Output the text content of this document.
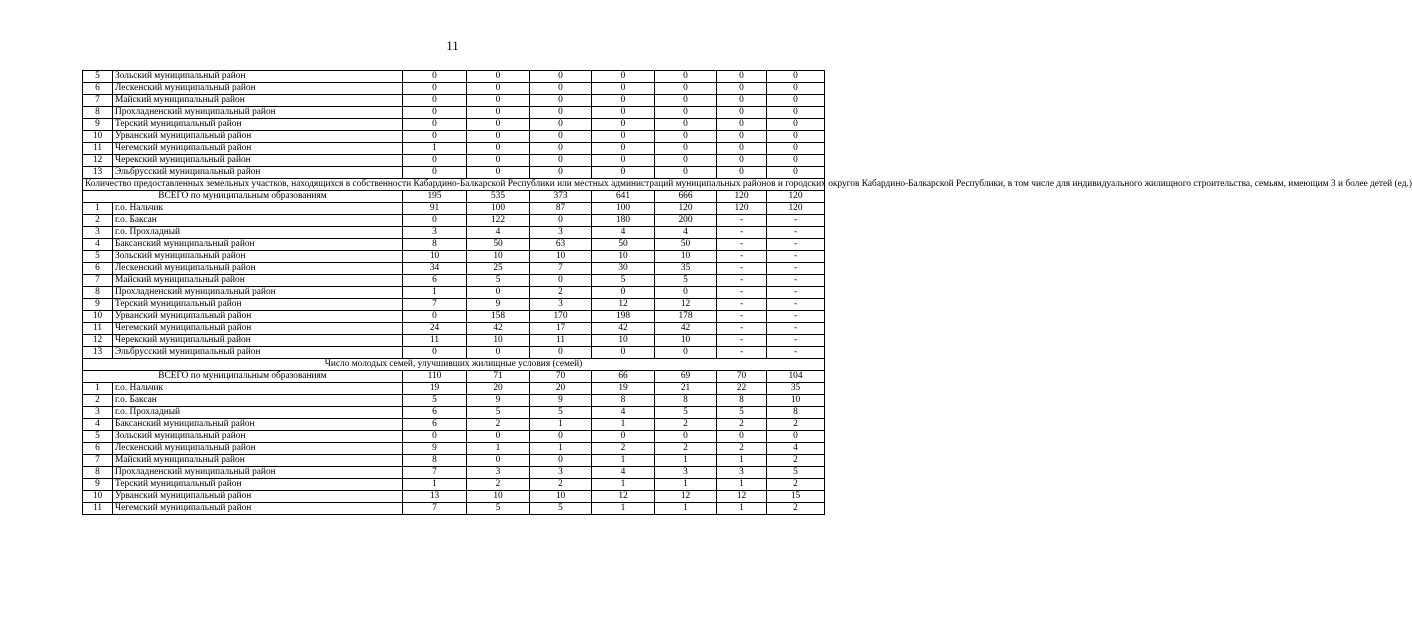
11
5	Зольский муниципальный район	0	0	0	0	0	0	0
6	Лескенский муниципальный район	0	0	0	0	0	0	0
7	Майский муниципальный район	0	0	0	0	0	0	0
8	Прохладненский муниципальный район	0	0	0	0	0	0	0
9	Терский муниципальный район	0	0	0	0	0	0	0
10	Урванский муниципальный район	0	0	0	0	0	0	0
11	Чегемский муниципальный район	1	0	0	0	0	0	0
12	Черекский муниципальный район	0	0	0	0	0	0	0
13	Эльбрусский муниципальный район	0	0	0	0	0	0	0
Количество предоставленных земельных участков, находящихся в собственности Кабардино-Балкарской Республики или местных администраций муниципальных районов и городских округов Кабардино-Балкарской Республики, в том числе для индивидуального жилищного строительства, семьям, имеющим 3 и более детей (ед.)								
ВСЕГО по муниципальным образованиям		195	535	373	641	666	120	120
1	г.о. Нальчик	91	100	87	100	120	120	120
2	г.о. Баксан	0	122	0	180	200	-	-
3	г.о. Прохладный	3	4	3	4	4	-	-
4	Баксанский муниципальный район	8	50	63	50	50	-	-
5	Зольский муниципальный район	10	10	10	10	10	-	-
6	Лескенский муниципальный район	34	25	7	30	35	-	-
7	Майский муниципальный район	6	5	0	5	5	-	-
8	Прохладненский муниципальный район	1	0	2	0	0	-	-
9	Терский муниципальный район	7	9	3	12	12	-	-
10	Урванский муниципальный район	0	158	170	198	178	-	-
11	Чегемский муниципальный район	24	42	17	42	42	-	-
12	Черекский муниципальный район	11	10	11	10	10	-	-
13	Эльбрусский муниципальный район	0	0	0	0	0	-	-
Число молодых семей, улучшивших жилищные условия (семей)								
ВСЕГО по муниципальным образованиям		110	71	70	66	69	70	104
1	г.о. Нальчик	19	20	20	19	21	22	35
2	г.о. Баксан	5	9	9	8	8	8	10
3	г.о. Прохладный	6	5	5	4	5	5	8
4	Баксанский муниципальный район	6	2	1	1	2	2	2
5	Зольский муниципальный район	0	0	0	0	0	0	0
6	Лескенский муниципальный район	9	1	1	2	2	2	4
7	Майский муниципальный район	8	0	0	1	1	1	2
8	Прохладненский муниципальный район	7	3	3	4	3	3	5
9	Терский муниципальный район	1	2	2	1	1	1	2
10	Урванский муниципальный район	13	10	10	12	12	12	15
11	Чегемский муниципальный район	7	5	5	1	1	1	2
